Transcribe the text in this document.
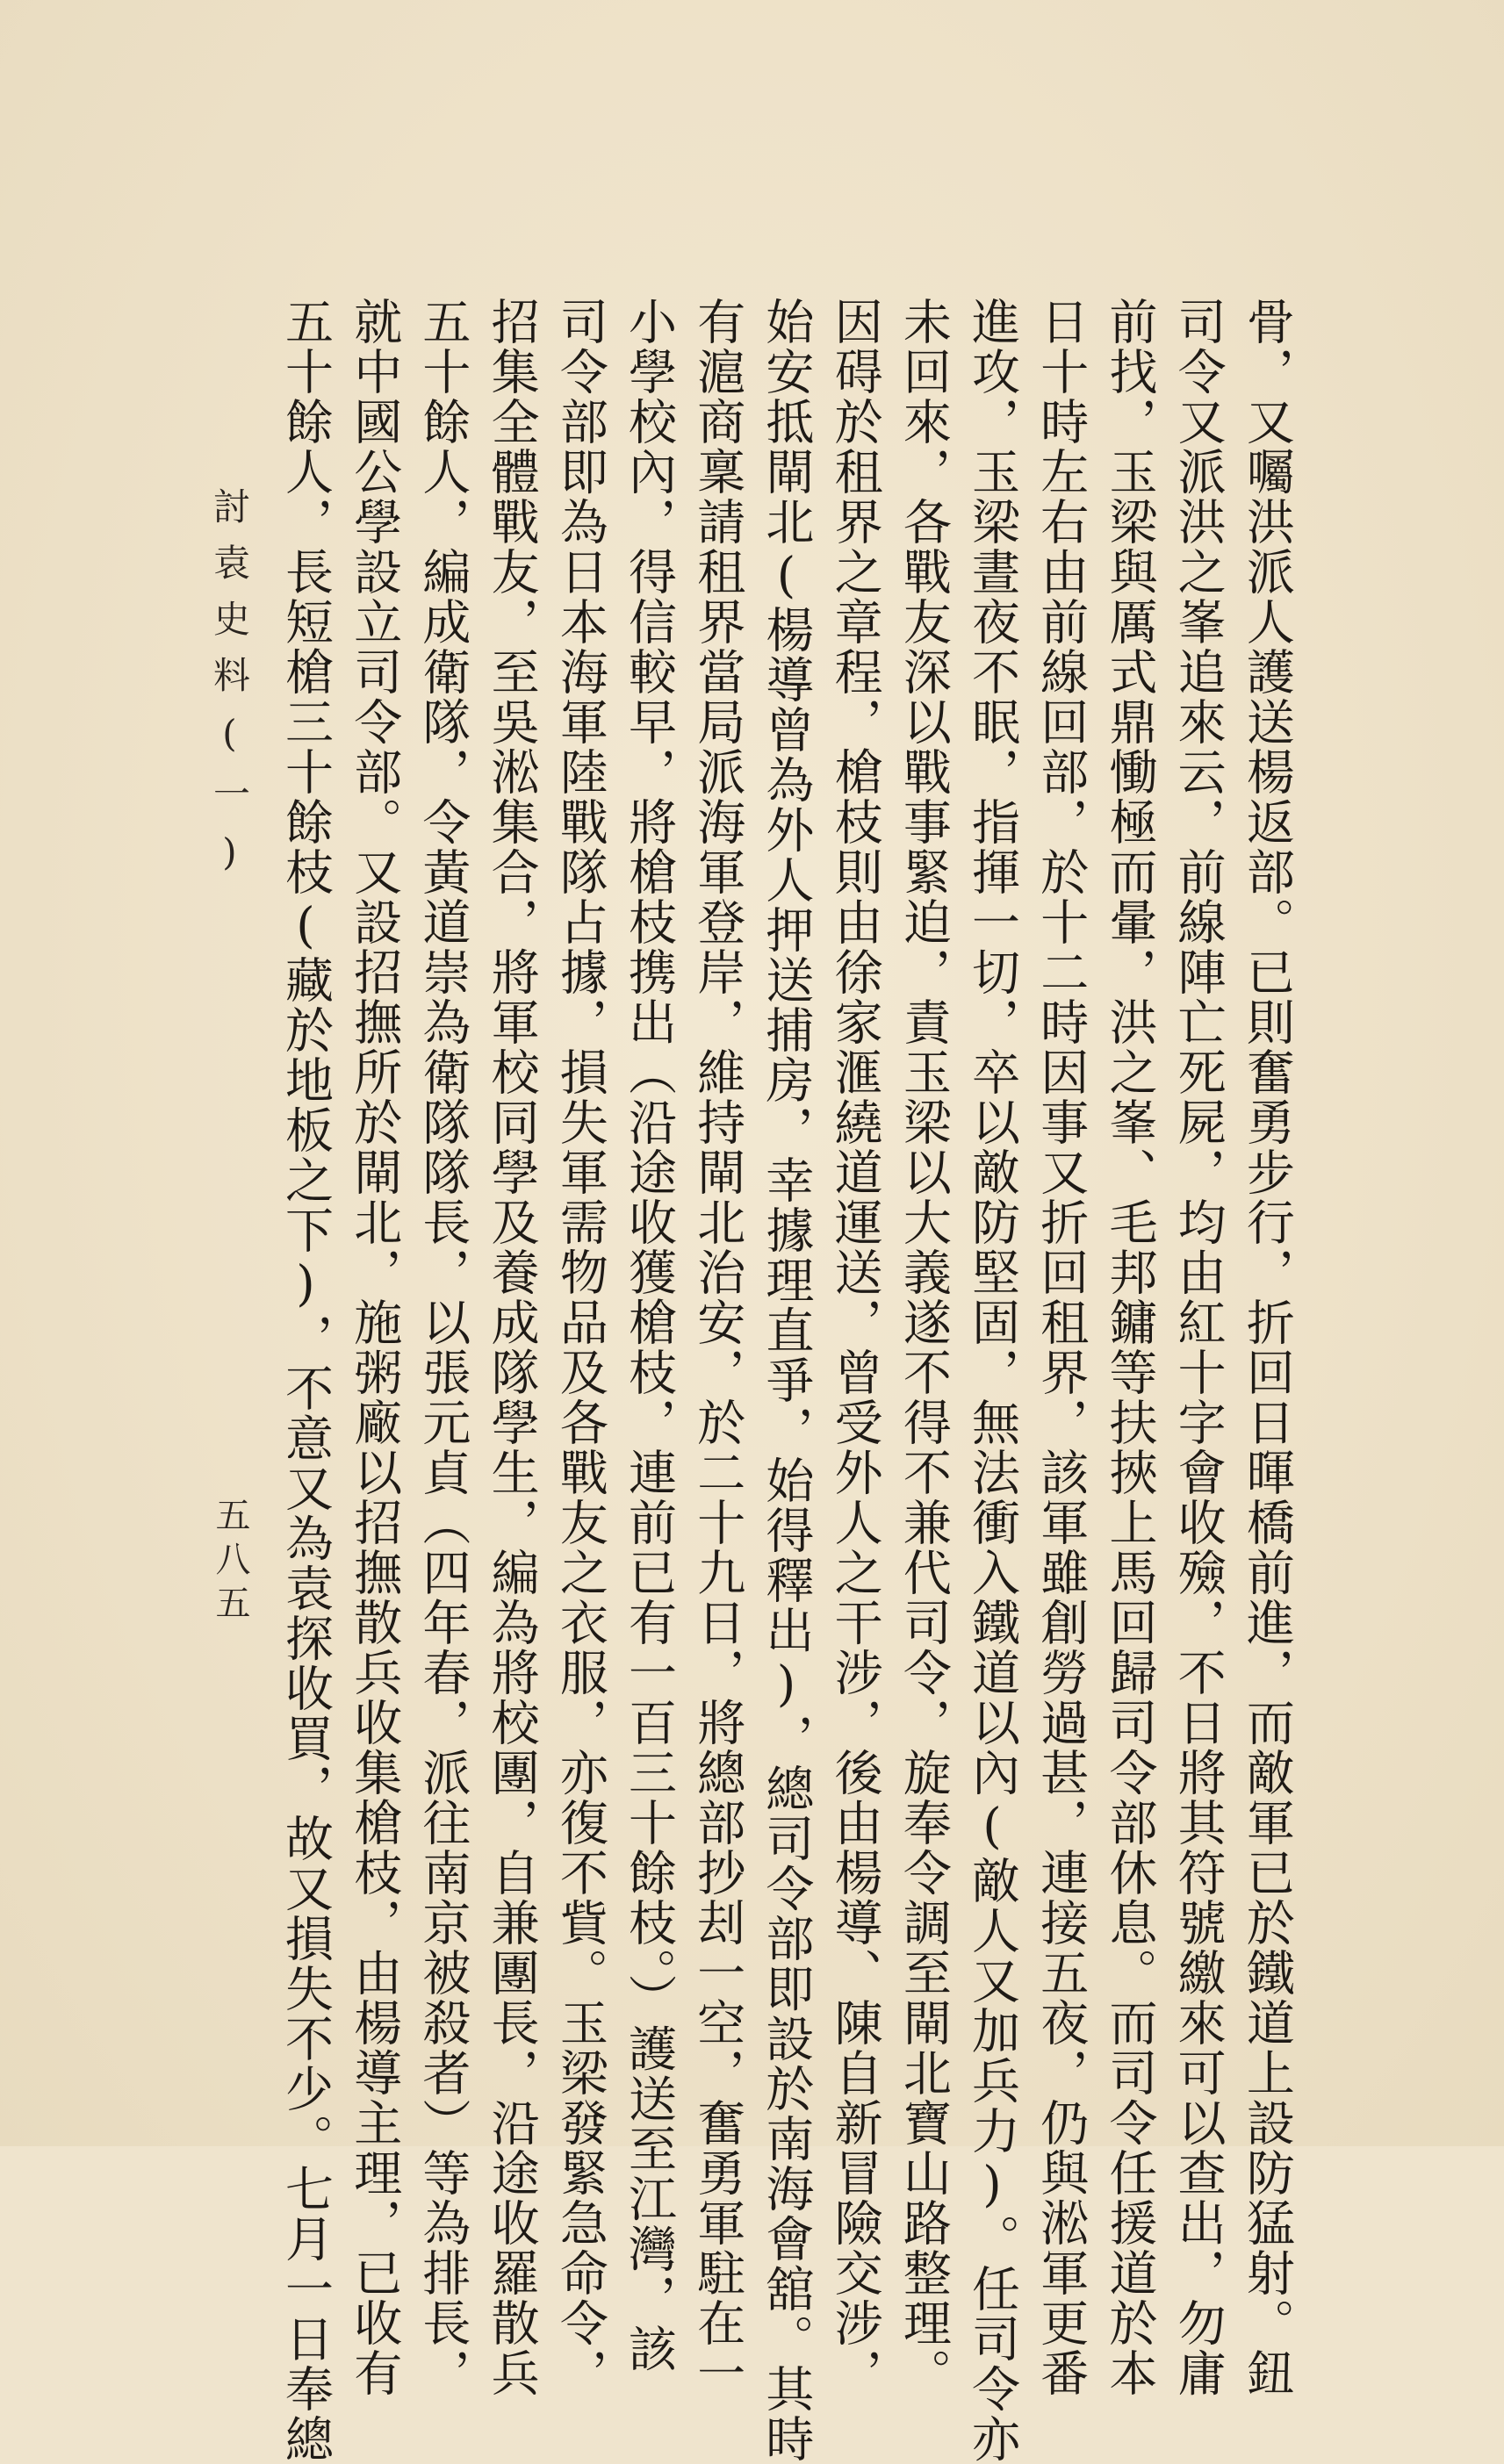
骨，又囑洪派人護送楊返部。已則奮勇步行，折回日暉橋前進，而敵軍已於鐵道上設防猛射。鈕
司令又派洪之峯追來云，前線陣亡死屍，均由紅十字會收殮，不日將其符號繳來可以查出，勿庸
前找，玉梁與厲式鼎慟極而暈，洪之峯、毛邦鏞等扶挾上馬回歸司令部休息。而司令任援道於本
日十時左右由前線回部，於十二時因事又折回租界，該軍雖創勞過甚，連接五夜，仍與淞軍更番
進攻，玉梁晝夜不眠，指揮一切，卒以敵防堅固，無法衝入鐵道以內(敵人又加兵力)。任司令亦
未回來，各戰友深以戰事緊迫，責玉梁以大義遂不得不兼代司令，旋奉令調至閘北寶山路整理。
因碍於租界之章程，槍枝則由徐家滙繞道運送，曾受外人之干涉，後由楊導、陳自新冒險交涉，
始安抵閘北(楊導曾為外人押送捕房，幸據理直爭，始得釋出)，總司令部即設於南海會舘。其時
有滬商稟請租界當局派海軍登岸，維持閘北治安，於二十九日，將總部抄刦一空，奮勇軍駐在一
小學校內，得信較早，將槍枝携出（沿途收獲槍枝，連前已有一百三十餘枝。）護送至江灣，該
司令部即為日本海軍陸戰隊占據，損失軍需物品及各戰友之衣服，亦復不貲。玉梁發緊急命令，
招集全體戰友，至吳淞集合，將軍校同學及養成隊學生，編為將校團，自兼團長，沿途收羅散兵
五十餘人，編成衛隊，令黃道崇為衛隊隊長，以張元貞（四年春，派往南京被殺者）等為排長，
就中國公學設立司令部。又設招撫所於閘北，施粥廠以招撫散兵收集槍枝，由楊導主理，已收有
五十餘人，長短槍三十餘枝(藏於地板之下)，不意又為袁探收買，故又損失不少。七月一日奉總
討袁史料(一)
五八五
